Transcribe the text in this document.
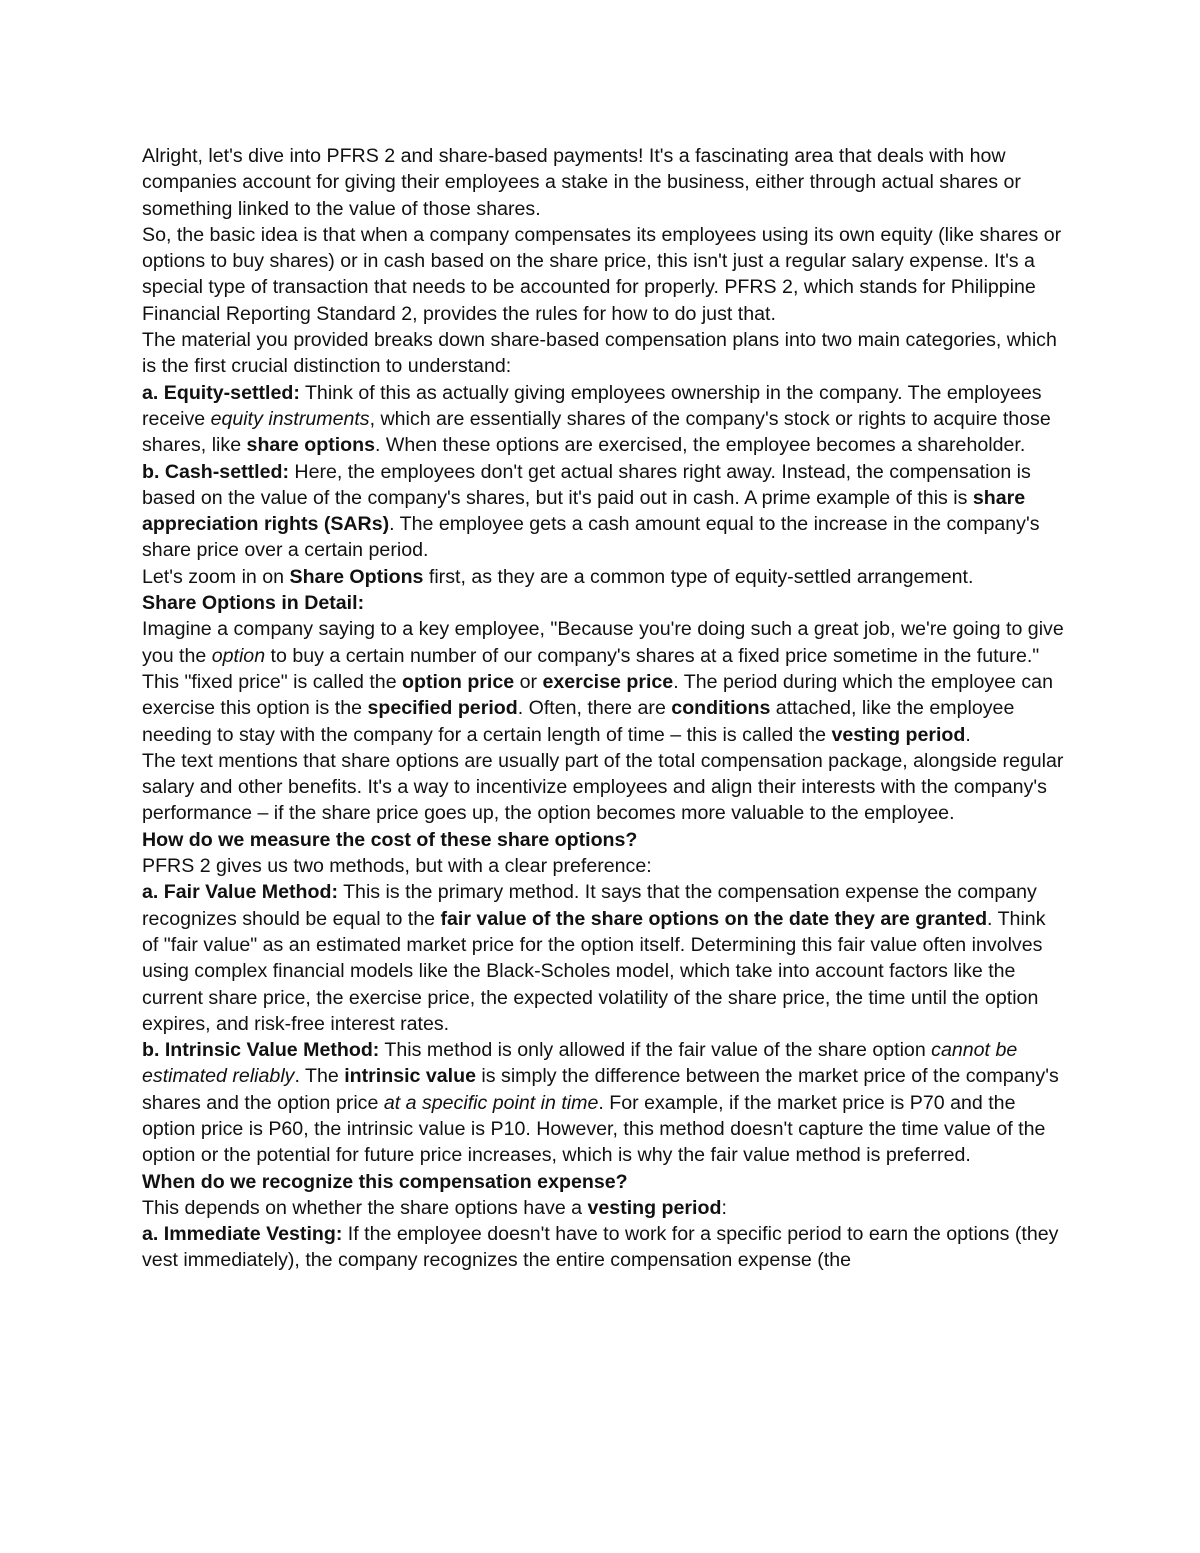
Alright, let's dive into PFRS 2 and share-based payments! It's a fascinating area that deals with how companies account for giving their employees a stake in the business, either through actual shares or something linked to the value of those shares.

So, the basic idea is that when a company compensates its employees using its own equity (like shares or options to buy shares) or in cash based on the share price, this isn't just a regular salary expense. It's a special type of transaction that needs to be accounted for properly. PFRS 2, which stands for Philippine Financial Reporting Standard 2, provides the rules for how to do just that.

The material you provided breaks down share-based compensation plans into two main categories, which is the first crucial distinction to understand:

a. Equity-settled: Think of this as actually giving employees ownership in the company. The employees receive equity instruments, which are essentially shares of the company's stock or rights to acquire those shares, like share options. When these options are exercised, the employee becomes a shareholder.

b. Cash-settled: Here, the employees don't get actual shares right away. Instead, the compensation is based on the value of the company's shares, but it's paid out in cash. A prime example of this is share appreciation rights (SARs). The employee gets a cash amount equal to the increase in the company's share price over a certain period.

Let's zoom in on Share Options first, as they are a common type of equity-settled arrangement.

Share Options in Detail:

Imagine a company saying to a key employee, "Because you're doing such a great job, we're going to give you the option to buy a certain number of our company's shares at a fixed price sometime in the future." This "fixed price" is called the option price or exercise price. The period during which the employee can exercise this option is the specified period. Often, there are conditions attached, like the employee needing to stay with the company for a certain length of time – this is called the vesting period.

The text mentions that share options are usually part of the total compensation package, alongside regular salary and other benefits. It's a way to incentivize employees and align their interests with the company's performance – if the share price goes up, the option becomes more valuable to the employee.

How do we measure the cost of these share options?

PFRS 2 gives us two methods, but with a clear preference:

a. Fair Value Method: This is the primary method. It says that the compensation expense the company recognizes should be equal to the fair value of the share options on the date they are granted. Think of "fair value" as an estimated market price for the option itself. Determining this fair value often involves using complex financial models like the Black-Scholes model, which take into account factors like the current share price, the exercise price, the expected volatility of the share price, the time until the option expires, and risk-free interest rates.

b. Intrinsic Value Method: This method is only allowed if the fair value of the share option cannot be estimated reliably. The intrinsic value is simply the difference between the market price of the company's shares and the option price at a specific point in time. For example, if the market price is P70 and the option price is P60, the intrinsic value is P10. However, this method doesn't capture the time value of the option or the potential for future price increases, which is why the fair value method is preferred.

When do we recognize this compensation expense?

This depends on whether the share options have a vesting period:

a. Immediate Vesting: If the employee doesn't have to work for a specific period to earn the options (they vest immediately), the company recognizes the entire compensation expense (the
